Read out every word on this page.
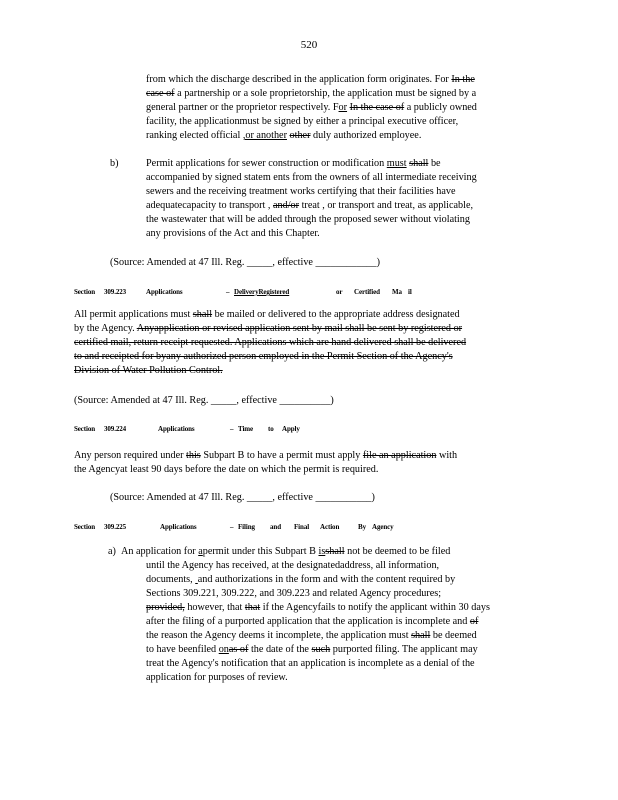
520

from which the discharge described in the application form originates. For In the

case of a partnership or a sole proprietorship, the application must be signed by a

general partner or the proprietor respectively. For In the case of a publicly owned

facility, the applicationmust be signed by either a principal executive officer,

ranking elected official ,or another other duly authorized employee.

b)	Permit applications for sewer construction or modification must shall be

accompanied by signed statem ents from the owners of all intermediate receiving

sewers and the receiving treatment works certifying that their facilities have

adequatecapacity to transport , and/or treat , or transport and treat, as applicable,

the wastewater that will be added through the proposed sewer without violating

any provisions of the Act and this Chapter.

(Source: Amended at 47 Ill. Reg. _____, effective ____________)
Section 309.223	Applications	– DeliveryRegistered	or Certified Ma il

All permit applications must shall be mailed or delivered to the appropriate address designated

by the Agency. Anyapplication or revised application sent by mail shall be sent by registered or

certified mail, return receipt requested. Applications which are hand delivered shall be delivered

to and receipted for byany authorized person employed in the Permit Section of the Agency's

Division of Water Pollution Control.

(Source: Amended at 47 Ill. Reg. _____, effective __________)
Section 309.224	Applications	– Time to Apply

Any person required under this Subpart B to have a permit must apply file an application with

the Agencyat least 90 days before the date on which the permit is required.

(Source: Amended at 47 Ill. Reg. _____, effective ___________)
Section 309.225	Applications	– Filing and Final Action	By Agency
a) An application for apermit under this Subpart B isshall not be deemed to be filed

until the Agency has received, at the designatedaddress, all information,

documents,  and authorizations in the form and with the content required by

Sections 309.221, 309.222, and 309.223 and related Agency procedures;

provided, however, that that if the Agencyfails to notify the applicant within 30 days

after the filing of a purported application that the application is incomplete and of

the reason the Agency deems it incomplete, the application must shall be deemed

to have beenfiled onas of the date of the such purported filing. The applicant may

treat the Agency's notification that an application is incomplete as a denial of the

application for purposes of review.
